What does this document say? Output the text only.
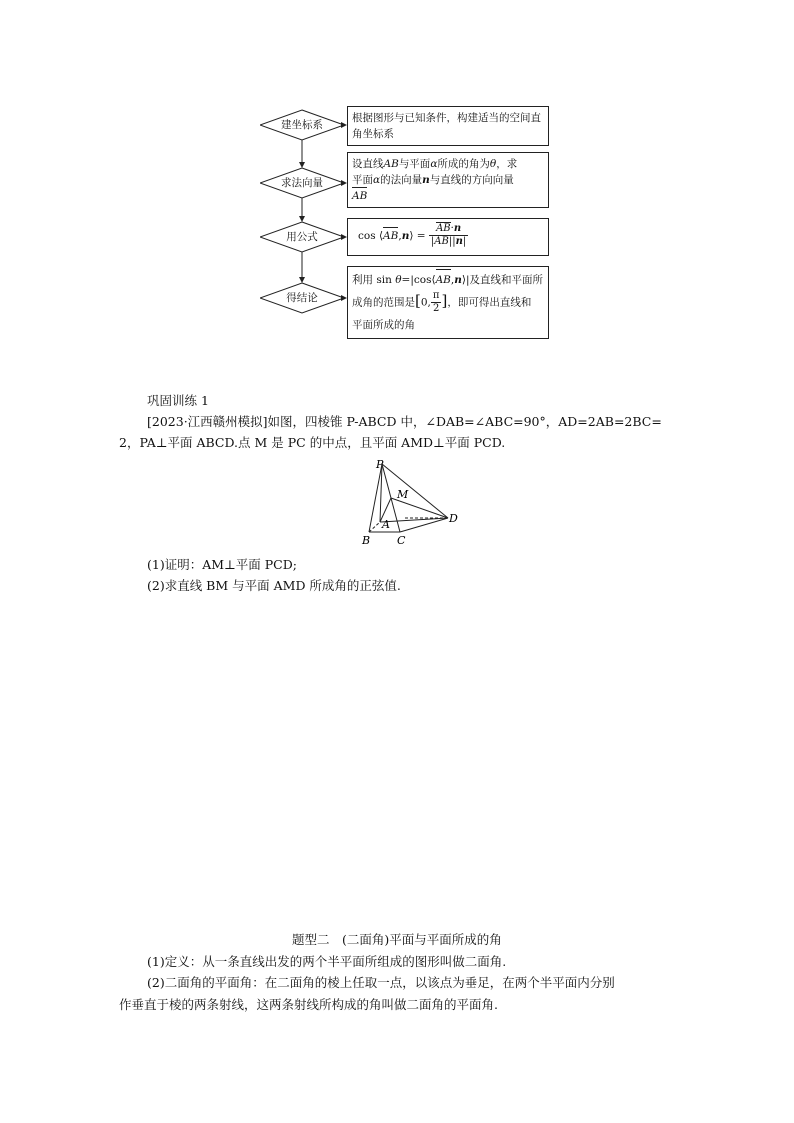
建坐标系
求法向量
用公式
得结论
根据图形与已知条件，构建适当的空间直角坐标系
设直线AB与平面α所成的角为θ，求
平面α的法向量n与直线的方向向量
AB
cos ⟨AB,n⟩ = $\frac{AB\cdot n}{|AB||n|}$
利用 sin θ=|cos⟨AB,n⟩|及直线和平面所
成角的范围是[0, $\frac{\pi}{2}$ ]，即可得出直线和
平面所成的角
巩固训练 1
[2023·江西赣州模拟]如图，四棱锥 P-ABCD 中，∠DAB=∠ABC=90°，AD=2AB=2BC=
2，PA⊥平面 ABCD.点 M 是 PC 的中点，且平面 AMD⊥平面 PCD.
P
M
A
B C
D
(1)证明：AM⊥平面 PCD;
(2)求直线 BM 与平面 AMD 所成角的正弦值.
题型二　(二面角)平面与平面所成的角
(1)定义：从一条直线出发的两个半平面所组成的图形叫做二面角.
(2)二面角的平面角：在二面角的棱上任取一点，以该点为垂足，在两个半平面内分别
作垂直于棱的两条射线，这两条射线所构成的角叫做二面角的平面角.
